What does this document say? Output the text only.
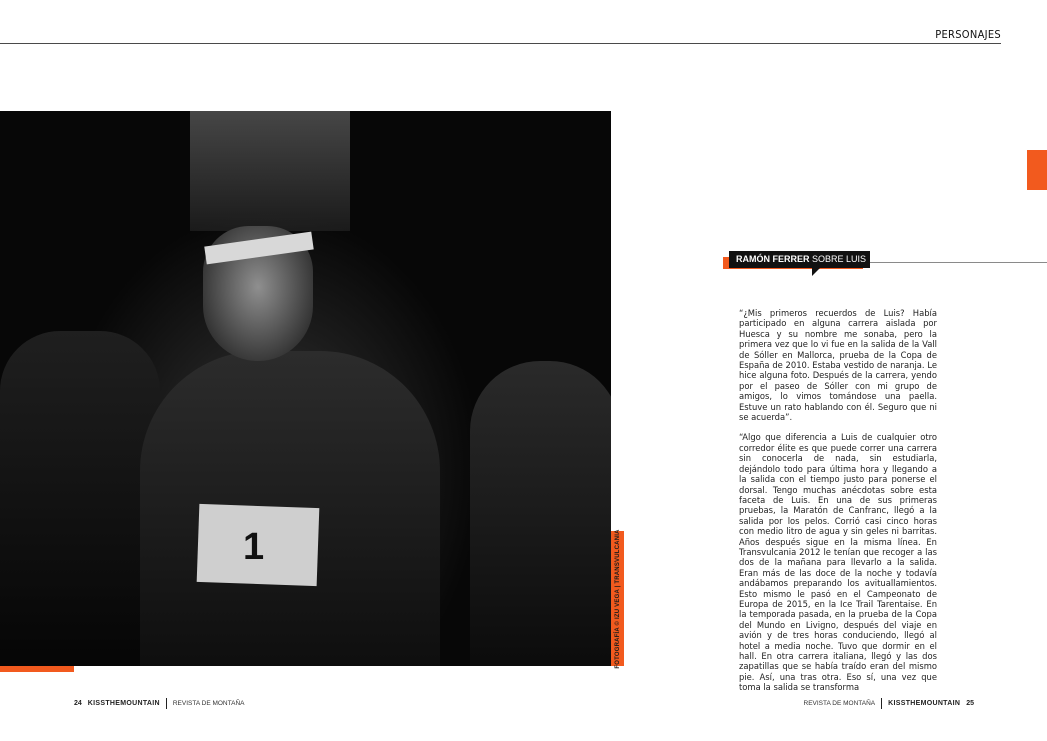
PERSONAJES
1	FOTOGRAFÍA © IZU VEGA | TRANSVULCANIA
RAMÓN FERRER SOBRE LUIS

“¿Mis primeros recuerdos de Luis? Había participado en alguna carrera aislada por Huesca y su nombre me sonaba, pero la primera vez que lo vi fue en la salida de la Vall de Sóller en Mallorca, prueba de la Copa de España de 2010. Estaba vestido de naranja. Le hice alguna foto. Después de la carrera, yendo por el paseo de Sóller con mi grupo de amigos, lo vimos tomándose una paella. Estuve un rato hablando con él. Seguro que ni se acuerda”.

“Algo que diferencia a Luis de cualquier otro corredor élite es que puede correr una carrera sin conocerla de nada, sin estudiarla, dejándolo todo para última hora y llegando a la salida con el tiempo justo para ponerse el dorsal. Tengo muchas anécdotas sobre esta faceta de Luis. En una de sus primeras pruebas, la Maratón de Canfranc, llegó a la salida por los pelos. Corrió casi cinco horas con medio litro de agua y sin geles ni barritas. Años después sigue en la misma línea. En Transvulcania 2012 le tenían que recoger a las dos de la mañana para llevarlo a la salida. Eran más de las doce de la noche y todavía andábamos preparando los avituallamientos. Esto mismo le pasó en el Campeonato de Europa de 2015, en la Ice Trail Tarentaise. En la temporada pasada, en la prueba de la Copa del Mundo en Livigno, después del viaje en avión y de tres horas conduciendo, llegó al hotel a media noche. Tuvo que dormir en el hall. En otra carrera italiana, llegó y las dos zapatillas que se había traído eran del mismo pie. Así, una tras otra. Eso sí, una vez que toma la salida se transforma

24 KISSTHEMOUNTAIN REVISTA DE MONTAÑA	REVISTA DE MONTAÑA KISSTHEMOUNTAIN 25
